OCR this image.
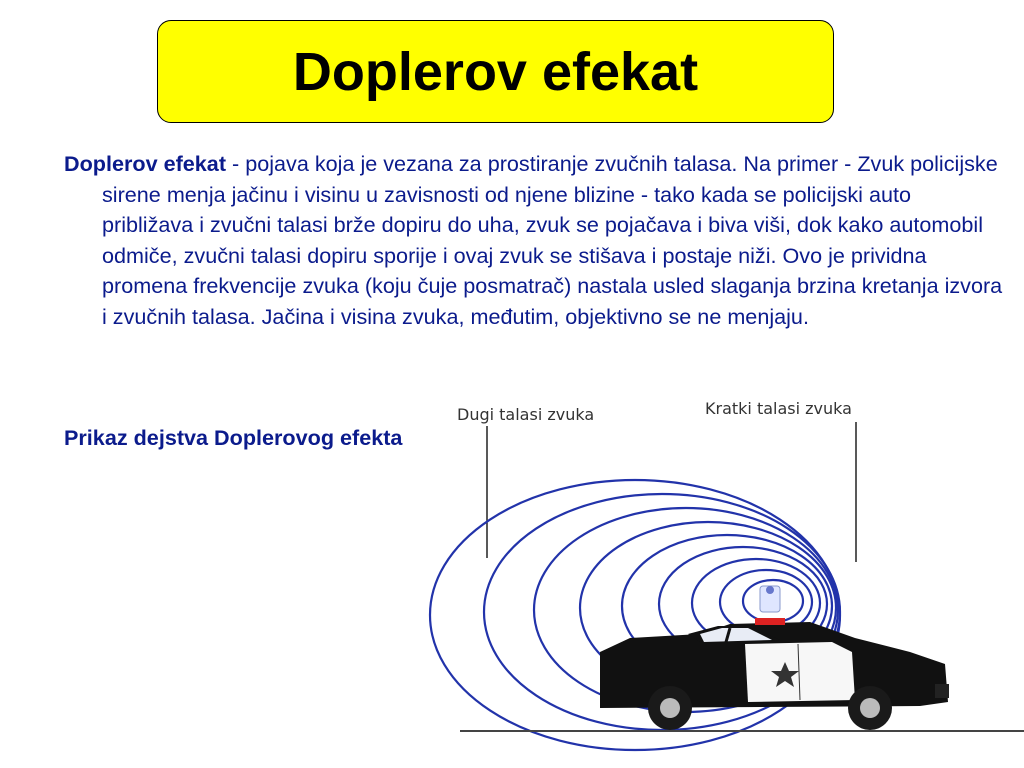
Doplerov efekat
Doplerov efekat - pojava koja je vezana za prostiranje zvučnih talasa. Na primer - Zvuk policijske sirene menja jačinu i visinu u zavisnosti od njene blizine - tako kada se policijski auto približava i zvučni talasi brže dopiru do uha, zvuk se pojačava i biva viši, dok kako automobil odmiče, zvučni talasi dopiru sporije i ovaj zvuk se stišava i postaje niži. Ovo je prividna promena frekvencije zvuka (koju čuje posmatrač) nastala usled slaganja brzina kretanja izvora i zvučnih talasa. Jačina i visina zvuka, međutim, objektivno se ne menjaju.
Prikaz dejstva Doplerovog efekta
Dugi talasi zvuka	Kratki talasi zvuka
